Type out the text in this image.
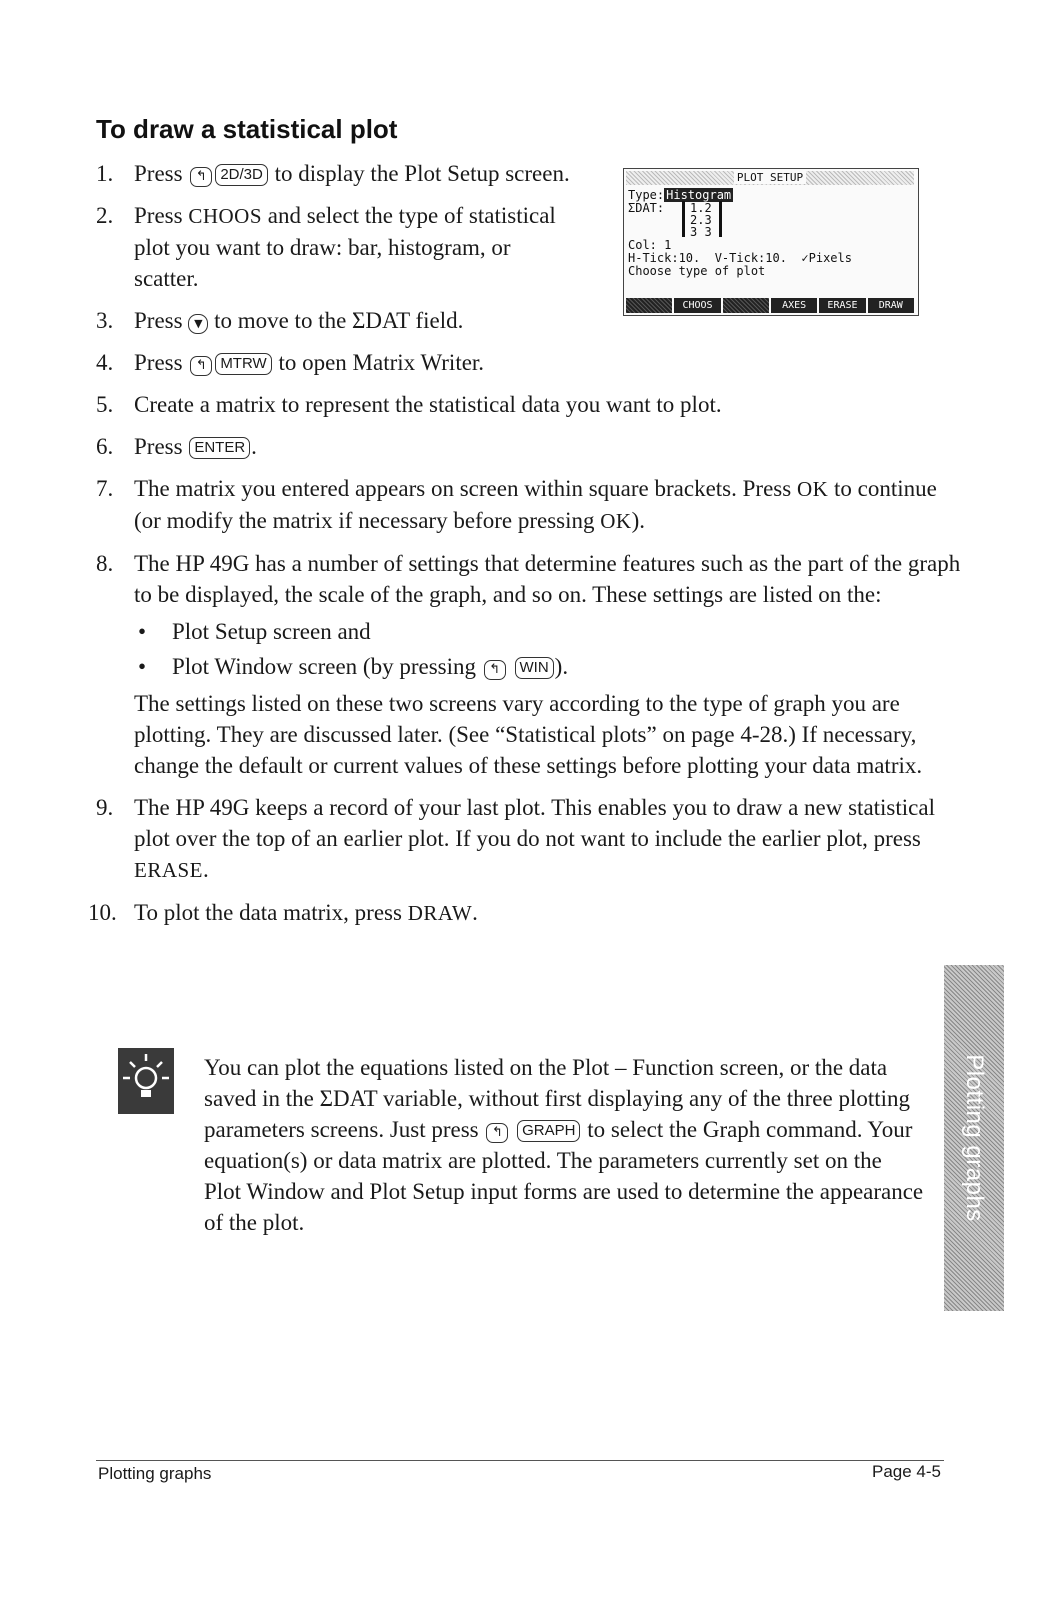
To draw a statistical plot
1. Press ↰ 2D/3D to display the Plot Setup screen.
2. Press CHOOS and select the type of statistical plot you want to draw: bar, histogram, or scatter.
3. Press ▼ to move to the ΣDAT field.
4. Press ↰ MTRW to open Matrix Writer.
5. Create a matrix to represent the statistical data you want to plot.
6. Press ENTER .
7. The matrix you entered appears on screen within square brackets. Press OK to continue (or modify the matrix if necessary before pressing OK).
8. The HP 49G has a number of settings that determine features such as the part of the graph to be displayed, the scale of the graph, and so on. These settings are listed on the:
• Plot Setup screen and
• Plot Window screen (by pressing ↰ WIN ).
The settings listed on these two screens vary according to the type of graph you are plotting. They are discussed later. (See “Statistical plots” on page 4-28.) If necessary, change the default or current values of these settings before plotting your data matrix.
9. The HP 49G keeps a record of your last plot. This enables you to draw a new statistical plot over the top of an earlier plot. If you do not want to include the earlier plot, press ERASE.
10. To plot the data matrix, press DRAW.
PLOT SETUP
Type: Histogram
ΣDAT: 1.2
2.3
3 3
Col: 1
H-Tick:10.  V-Tick:10.  ✓Pixels
Choose type of plot
CHOOS	AXES	ERASE	DRAW
You can plot the equations listed on the Plot – Function screen, or the data saved in the ΣDAT variable, without first displaying any of the three plotting parameters screens. Just press ↰ GRAPH to select the Graph command. Your equation(s) or data matrix are plotted. The parameters currently set on the Plot Window and Plot Setup input forms are used to determine the appearance of the plot.
Plotting graphs
Plotting graphs	Page 4-5
